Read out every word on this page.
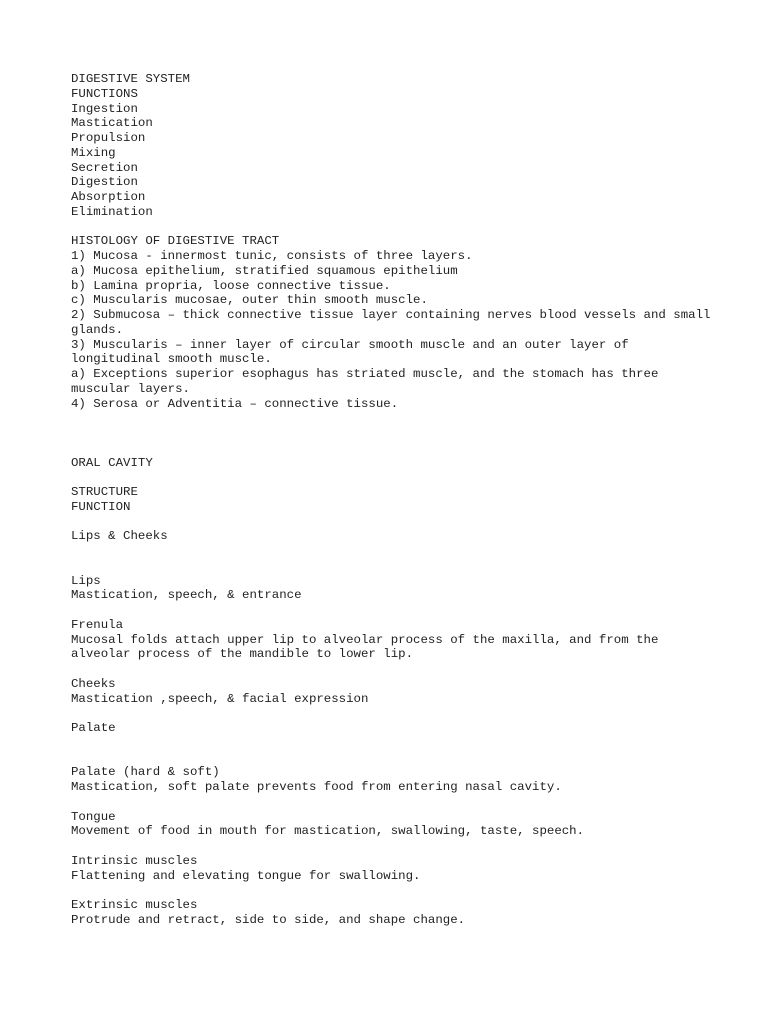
DIGESTIVE SYSTEM
FUNCTIONS
Ingestion
Mastication
Propulsion
Mixing
Secretion
Digestion
Absorption
Elimination
HISTOLOGY OF DIGESTIVE TRACT
1) Mucosa - innermost tunic, consists of three layers.
a) Mucosa epithelium, stratified squamous epithelium
b) Lamina propria, loose connective tissue.
c) Muscularis mucosae, outer thin smooth muscle.
2) Submucosa – thick connective tissue layer containing nerves blood vessels and small glands.
3) Muscularis – inner layer of circular smooth muscle and an outer layer of longitudinal smooth muscle.
a) Exceptions superior esophagus has striated muscle, and the stomach has three muscular layers.
4) Serosa or Adventitia – connective tissue.
ORAL CAVITY
STRUCTURE
FUNCTION
Lips & Cheeks
Lips
Mastication, speech, & entrance
Frenula
Mucosal folds attach upper lip to alveolar process of the maxilla, and from the alveolar process of the mandible to lower lip.
Cheeks
Mastication ,speech, & facial expression
Palate
Palate (hard & soft)
Mastication, soft palate prevents food from entering nasal cavity.
Tongue
Movement of food in mouth for mastication, swallowing, taste, speech.
Intrinsic muscles
Flattening and elevating tongue for swallowing.
Extrinsic muscles
Protrude and retract, side to side, and shape change.
